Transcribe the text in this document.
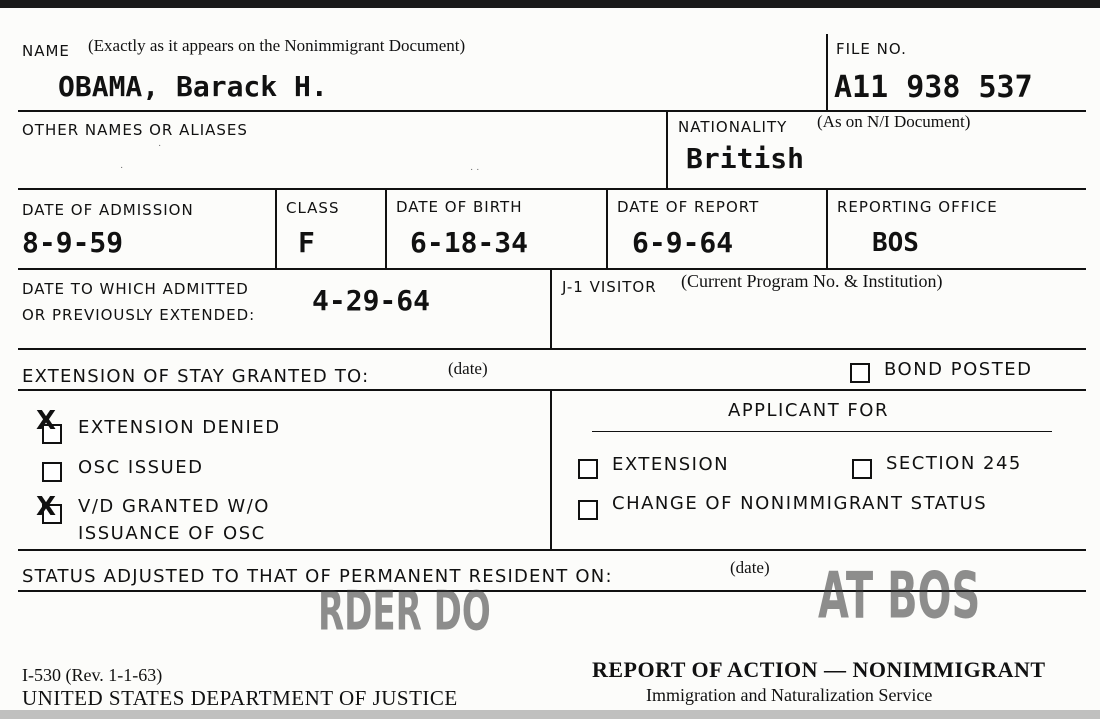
NAME (Exactly as it appears on the Nonimmigrant Document)
OBAMA, Barack H.
FILE NO.
A11 938 537
OTHER NAMES OR ALIASES
·
·	· ·
NATIONALITY (As on N/I Document)
British
DATE OF ADMISSION
8-9-59
CLASS
F
DATE OF BIRTH
6-18-34
DATE OF REPORT
6-9-64
REPORTING OFFICE
BOS
DATE TO WHICH ADMITTED
OR PREVIOUSLY EXTENDED: 4-29-64	J-1 VISITOR (Current Program No. & Institution)
EXTENSION OF STAY GRANTED TO:	(date)	BOND POSTED
X EXTENSION DENIED
OSC ISSUED
X V/D GRANTED W/O
ISSUANCE OF OSC
APPLICANT FOR
EXTENSION	SECTION 245
CHANGE OF NONIMMIGRANT STATUS
STATUS ADJUSTED TO THAT OF PERMANENT RESIDENT ON:	(date)
RDER DO	AT BOS
I-530 (Rev. 1-1-63)
UNITED STATES DEPARTMENT OF JUSTICE
REPORT OF ACTION — NONIMMIGRANT
Immigration and Naturalization Service
